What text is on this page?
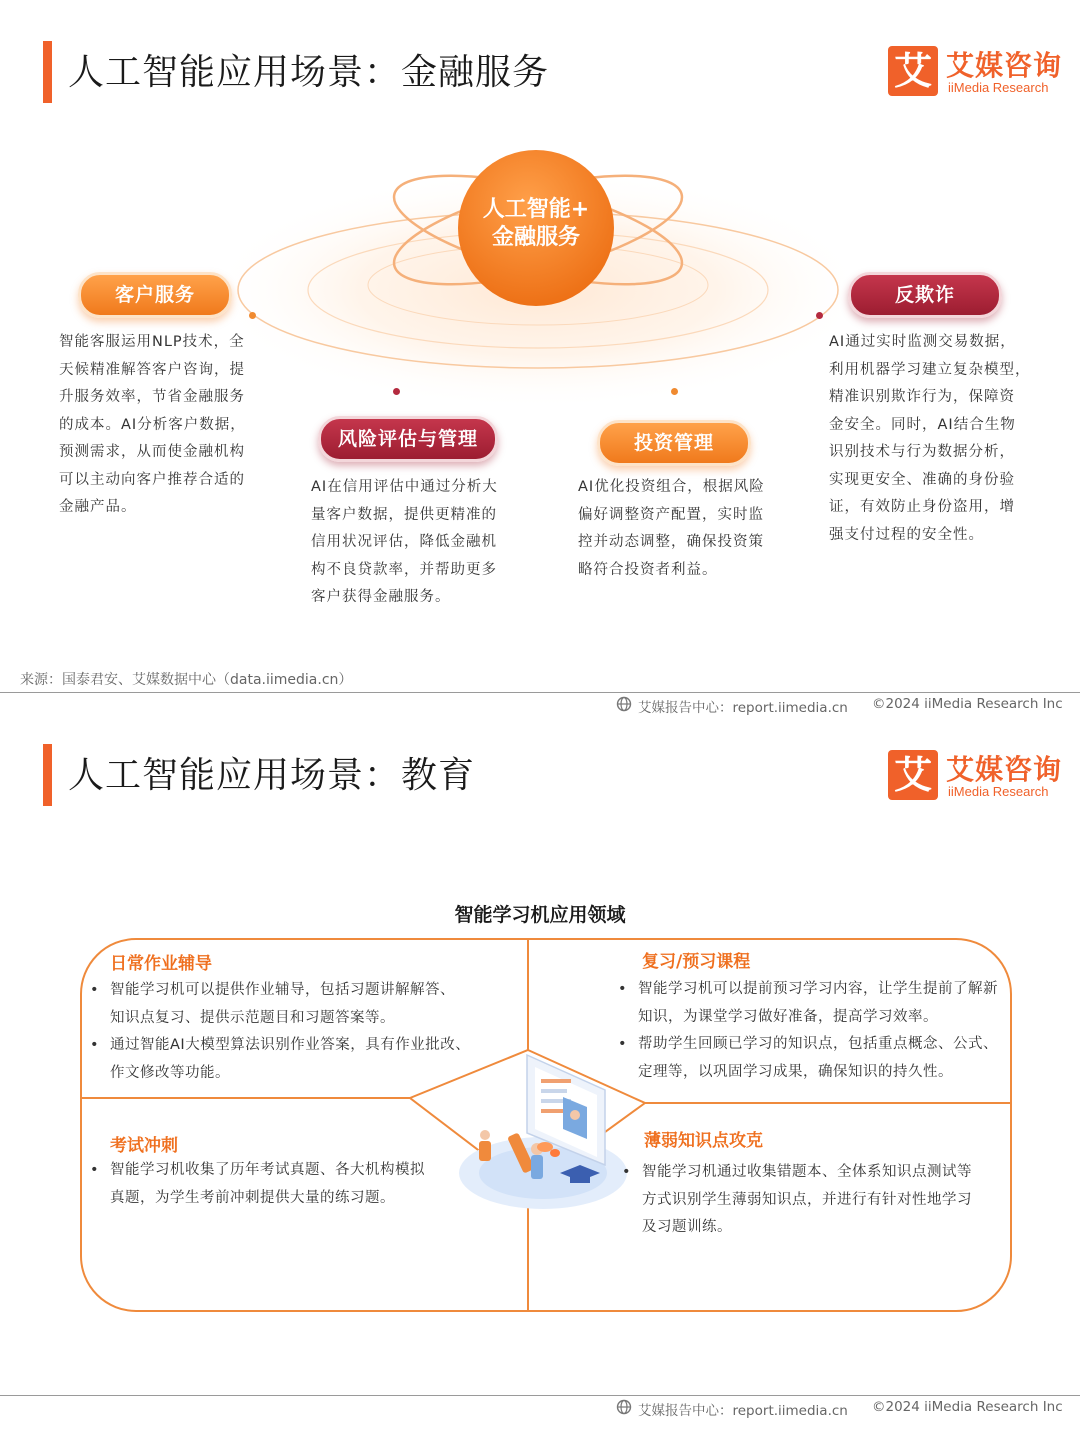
人工智能应用场景：金融服务	艾 艾媒咨询
iiMedia Research
人工智能+
金融服务
客户服务
风险评估与管理	投资管理
反欺诈
智能客服运用NLP技术，全
天候精准解答客户咨询，提
升服务效率，节省金融服务
的成本。AI分析客户数据，
预测需求，从而使金融机构
可以主动向客户推荐合适的
金融产品。
AI在信用评估中通过分析大
量客户数据，提供更精准的
信用状况评估，降低金融机
构不良贷款率，并帮助更多
客户获得金融服务。
AI优化投资组合，根据风险
偏好调整资产配置，实时监
控并动态调整，确保投资策
略符合投资者利益。
AI通过实时监测交易数据，
利用机器学习建立复杂模型，
精准识别欺诈行为，保障资
金安全。同时，AI结合生物
识别技术与行为数据分析，
实现更安全、准确的身份验
证，有效防止身份盗用，增
强支付过程的安全性。
来源：国泰君安、艾媒数据中心（data.iimedia.cn）
艾媒报告中心：report.iimedia.cn ©2024 iiMedia Research Inc
人工智能应用场景：教育	艾 艾媒咨询
iiMedia Research
智能学习机应用领域
日常作业辅导
• 智能学习机可以提供作业辅导，包括习题讲解解答、
知识点复习、提供示范题目和习题答案等。
• 通过智能AI大模型算法识别作业答案，具有作业批改、
作文修改等功能。
复习/预习课程
• 智能学习机可以提前预习学习内容，让学生提前了解新
知识，为课堂学习做好准备，提高学习效率。
• 帮助学生回顾已学习的知识点，包括重点概念、公式、
定理等，以巩固学习成果，确保知识的持久性。
考试冲刺
• 智能学习机收集了历年考试真题、各大机构模拟
真题，为学生考前冲刺提供大量的练习题。
薄弱知识点攻克
• 智能学习机通过收集错题本、全体系知识点测试等
方式识别学生薄弱知识点，并进行有针对性地学习
及习题训练。
艾媒报告中心：report.iimedia.cn ©2024 iiMedia Research Inc
